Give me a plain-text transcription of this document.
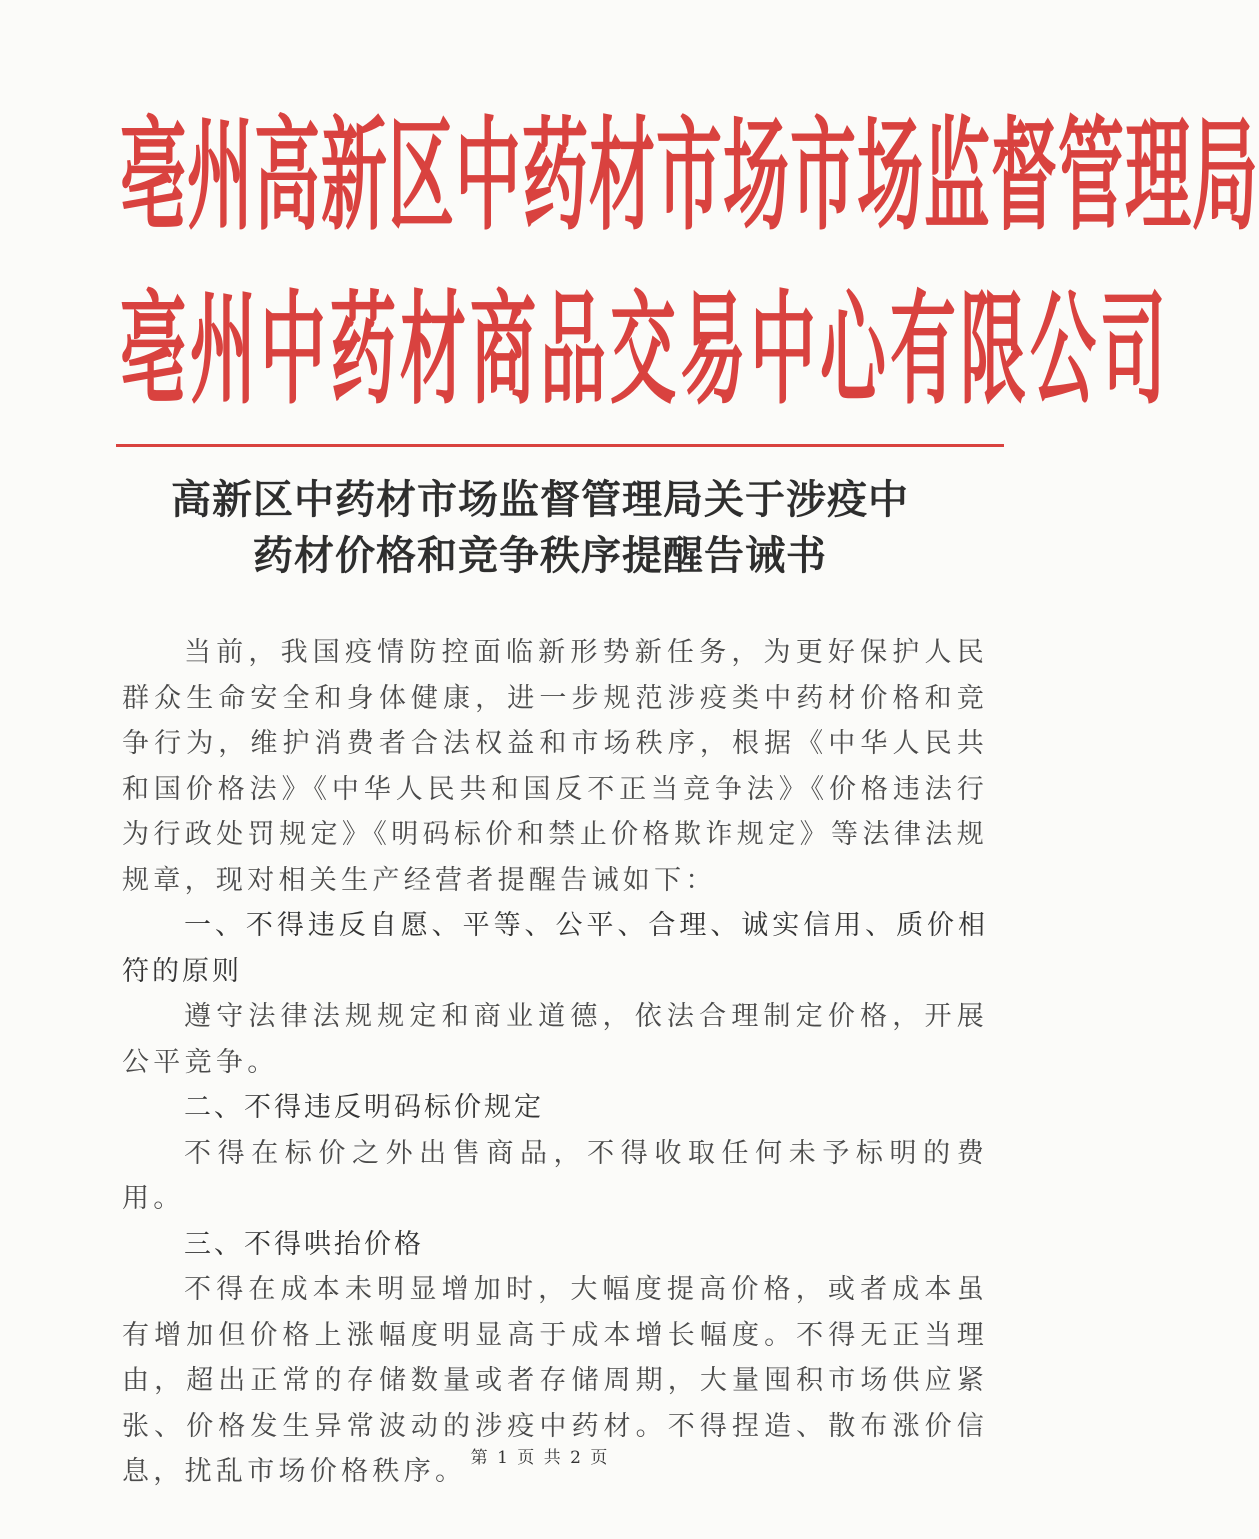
亳州高新区中药材市场市场监督管理局
亳州中药材商品交易中心有限公司
高新区中药材市场监督管理局关于涉疫中
药材价格和竞争秩序提醒告诫书

当前，我国疫情防控面临新形势新任务，为更好保护人民群众生命安全和身体健康，进一步规范涉疫类中药材价格和竞争行为，维护消费者合法权益和市场秩序，根据《中华人民共和国价格法》《中华人民共和国反不正当竞争法》《价格违法行为行政处罚规定》《明码标价和禁止价格欺诈规定》等法律法规规章，现对相关生产经营者提醒告诫如下：

一、不得违反自愿、平等、公平、合理、诚实信用、质价相符的原则

遵守法律法规规定和商业道德，依法合理制定价格，开展公平竞争。

二、不得违反明码标价规定

不得在标价之外出售商品，不得收取任何未予标明的费用。

三、不得哄抬价格

不得在成本未明显增加时，大幅度提高价格，或者成本虽有增加但价格上涨幅度明显高于成本增长幅度。不得无正当理由，超出正常的存储数量或者存储周期，大量囤积市场供应紧张、价格发生异常波动的涉疫中药材。不得捏造、散布涨价信息，扰乱市场价格秩序。 第 1 页 共 2 页
